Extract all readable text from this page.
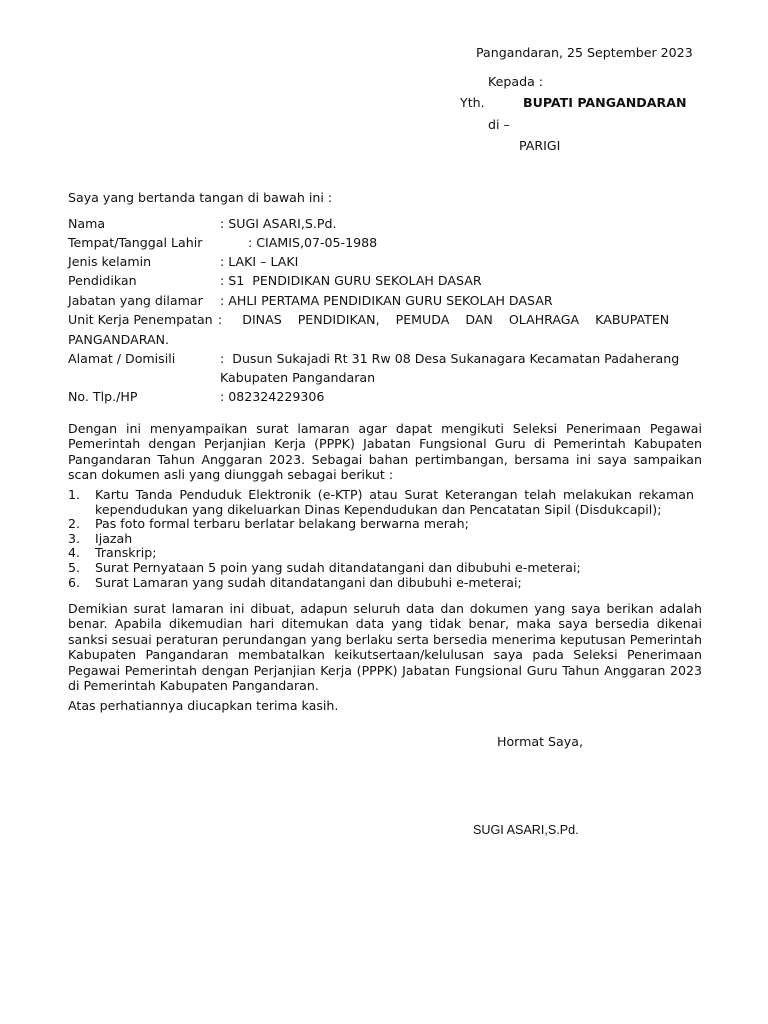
Pangandaran, 25 September 2023
Kepada :
Yth.	BUPATI PANGANDARAN
di –
PARIGI
Saya yang bertanda tangan di bawah ini :
Nama	: SUGI ASARI,S.Pd.
Tempat/Tanggal Lahir	: CIAMIS,07-05-1988
Jenis kelamin	: LAKI – LAKI
Pendidikan	: S1  PENDIDIKAN GURU SEKOLAH DASAR
Jabatan yang dilamar : AHLI PERTAMA PENDIDIKAN GURU SEKOLAH DASAR
Unit Kerja Penempatan :     DINAS    PENDIDIKAN,    PEMUDA    DAN    OLAHRAGA    KABUPATEN
PANGANDARAN.
Alamat / Domisili	:  Dusun Sukajadi Rt 31 Rw 08 Desa Sukanagara Kecamatan Padaherang
Kabupaten Pangandaran
No. Tlp./HP	: 082324229306
Dengan ini menyampaikan surat lamaran agar dapat mengikuti Seleksi Penerimaan Pegawai Pemerintah dengan Perjanjian Kerja (PPPK) Jabatan Fungsional Guru di Pemerintah Kabupaten Pangandaran Tahun Anggaran 2023. Sebagai bahan pertimbangan, bersama ini saya sampaikan scan dokumen asli yang diunggah sebagai berikut :
1. Kartu Tanda Penduduk Elektronik (e-KTP) atau Surat Keterangan telah melakukan rekaman kependudukan yang dikeluarkan Dinas Kependudukan dan Pencatatan Sipil (Disdukcapil);
2. Pas foto formal terbaru berlatar belakang berwarna merah;
3. Ijazah
4. Transkrip;
5. Surat Pernyataan 5 poin yang sudah ditandatangani dan dibubuhi e-meterai;
6. Surat Lamaran yang sudah ditandatangani dan dibubuhi e-meterai;
Demikian surat lamaran ini dibuat, adapun seluruh data dan dokumen yang saya berikan adalah benar. Apabila dikemudian hari ditemukan data yang tidak benar, maka saya bersedia dikenai sanksi sesuai peraturan perundangan yang berlaku serta bersedia menerima keputusan Pemerintah Kabupaten Pangandaran membatalkan keikutsertaan/kelulusan saya pada Seleksi Penerimaan Pegawai Pemerintah dengan Perjanjian Kerja (PPPK) Jabatan Fungsional Guru Tahun Anggaran 2023 di Pemerintah Kabupaten Pangandaran.
Atas perhatiannya diucapkan terima kasih.
Hormat Saya,
SUGI ASARI,S.Pd.
